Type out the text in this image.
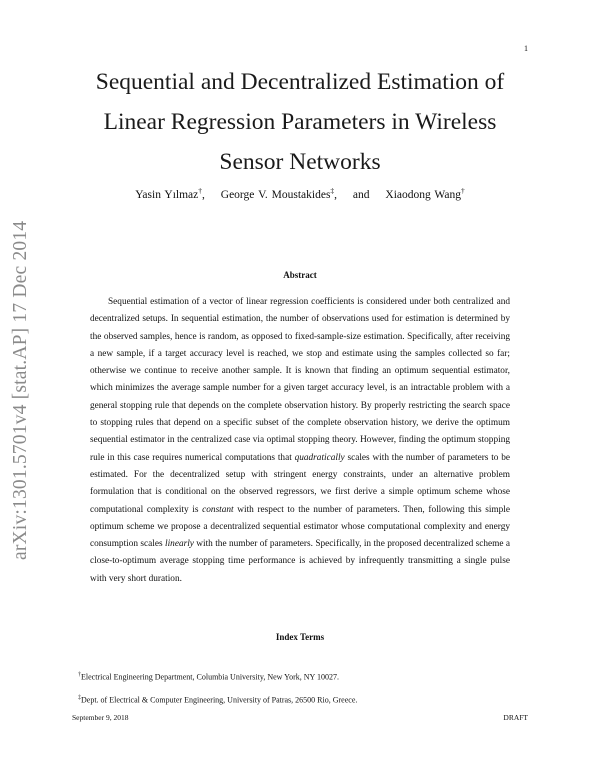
1
arXiv:1301.5701v4 [stat.AP] 17 Dec 2014
Sequential and Decentralized Estimation of
Linear Regression Parameters in Wireless
Sensor Networks
Yasin Yılmaz†, George V. Moustakides‡, and Xiaodong Wang†
Abstract
Sequential estimation of a vector of linear regression coefficients is considered under both centralized and decentralized setups. In sequential estimation, the number of observations used for estimation is determined by the observed samples, hence is random, as opposed to fixed-sample-size estimation. Specifically, after receiving a new sample, if a target accuracy level is reached, we stop and estimate using the samples collected so far; otherwise we continue to receive another sample. It is known that finding an optimum sequential estimator, which minimizes the average sample number for a given target accuracy level, is an intractable problem with a general stopping rule that depends on the complete observation history. By properly restricting the search space to stopping rules that depend on a specific subset of the complete observation history, we derive the optimum sequential estimator in the centralized case via optimal stopping theory. However, finding the optimum stopping rule in this case requires numerical computations that quadratically scales with the number of parameters to be estimated. For the decentralized setup with stringent energy constraints, under an alternative problem formulation that is conditional on the observed regressors, we first derive a simple optimum scheme whose computational complexity is constant with respect to the number of parameters. Then, following this simple optimum scheme we propose a decentralized sequential estimator whose computational complexity and energy consumption scales linearly with the number of parameters. Specifically, in the proposed decentralized scheme a close-to-optimum average stopping time performance is achieved by infrequently transmitting a single pulse with very short duration.
Index Terms
†Electrical Engineering Department, Columbia University, New York, NY 10027.
‡Dept. of Electrical & Computer Engineering, University of Patras, 26500 Rio, Greece.
September 9, 2018	DRAFT
